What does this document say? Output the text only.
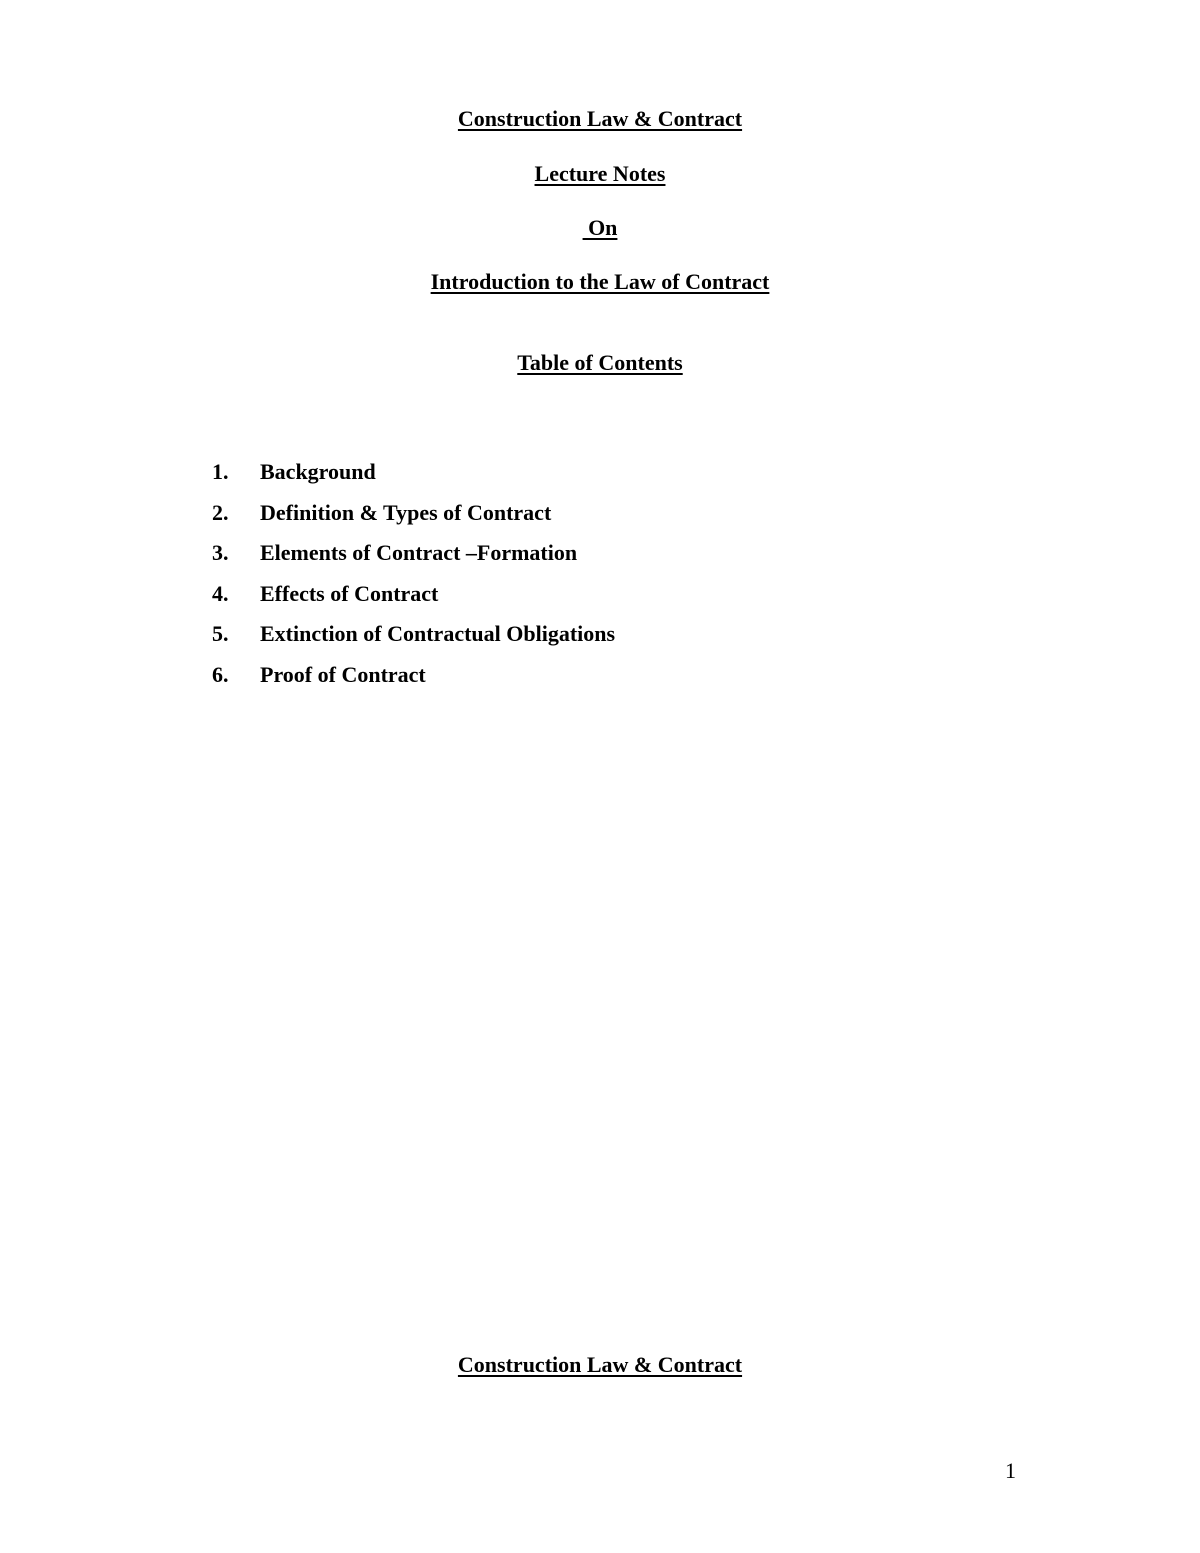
Construction Law & Contract
Lecture Notes
On
Introduction to the Law of Contract
Table of Contents
1.	Background
2.	Definition & Types of Contract
3.	Elements of Contract –Formation
4.	Effects of Contract
5.	Extinction of Contractual Obligations
6.	Proof of Contract
Construction Law & Contract
1
